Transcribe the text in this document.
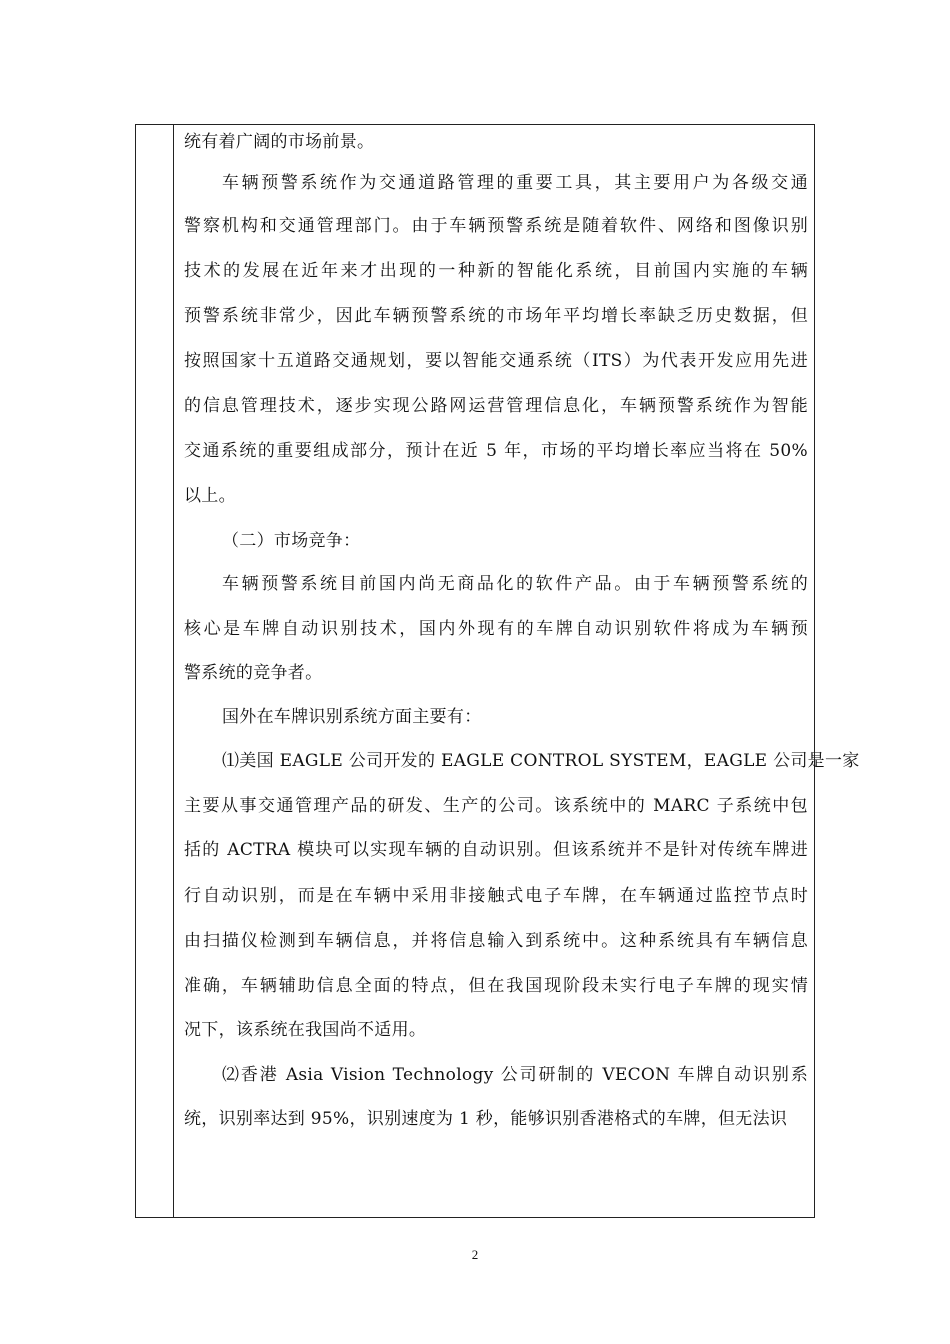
统有着广阔的市场前景。
车辆预警系统作为交通道路管理的重要工具，其主要用户为各级交通
警察机构和交通管理部门。由于车辆预警系统是随着软件、网络和图像识别
技术的发展在近年来才出现的一种新的智能化系统，目前国内实施的车辆
预警系统非常少，因此车辆预警系统的市场年平均增长率缺乏历史数据，但
按照国家十五道路交通规划，要以智能交通系统（ITS）为代表开发应用先进
的信息管理技术，逐步实现公路网运营管理信息化，车辆预警系统作为智能
交通系统的重要组成部分，预计在近 5 年，市场的平均增长率应当将在 50%
以上。
（二）市场竞争：
车辆预警系统目前国内尚无商品化的软件产品。由于车辆预警系统的
核心是车牌自动识别技术，国内外现有的车牌自动识别软件将成为车辆预
警系统的竞争者。
国外在车牌识别系统方面主要有：
⑴美国 EAGLE 公司开发的 EAGLE CONTROL SYSTEM，EAGLE 公司是一家
主要从事交通管理产品的研发、生产的公司。该系统中的 MARC 子系统中包
括的 ACTRA 模块可以实现车辆的自动识别。但该系统并不是针对传统车牌进
行自动识别，而是在车辆中采用非接触式电子车牌，在车辆通过监控节点时
由扫描仪检测到车辆信息，并将信息输入到系统中。这种系统具有车辆信息
准确，车辆辅助信息全面的特点，但在我国现阶段未实行电子车牌的现实情
况下，该系统在我国尚不适用。
⑵香港 Asia Vision Technology 公司研制的 VECON 车牌自动识别系
统，识别率达到 95%，识别速度为 1 秒，能够识别香港格式的车牌，但无法识
2
